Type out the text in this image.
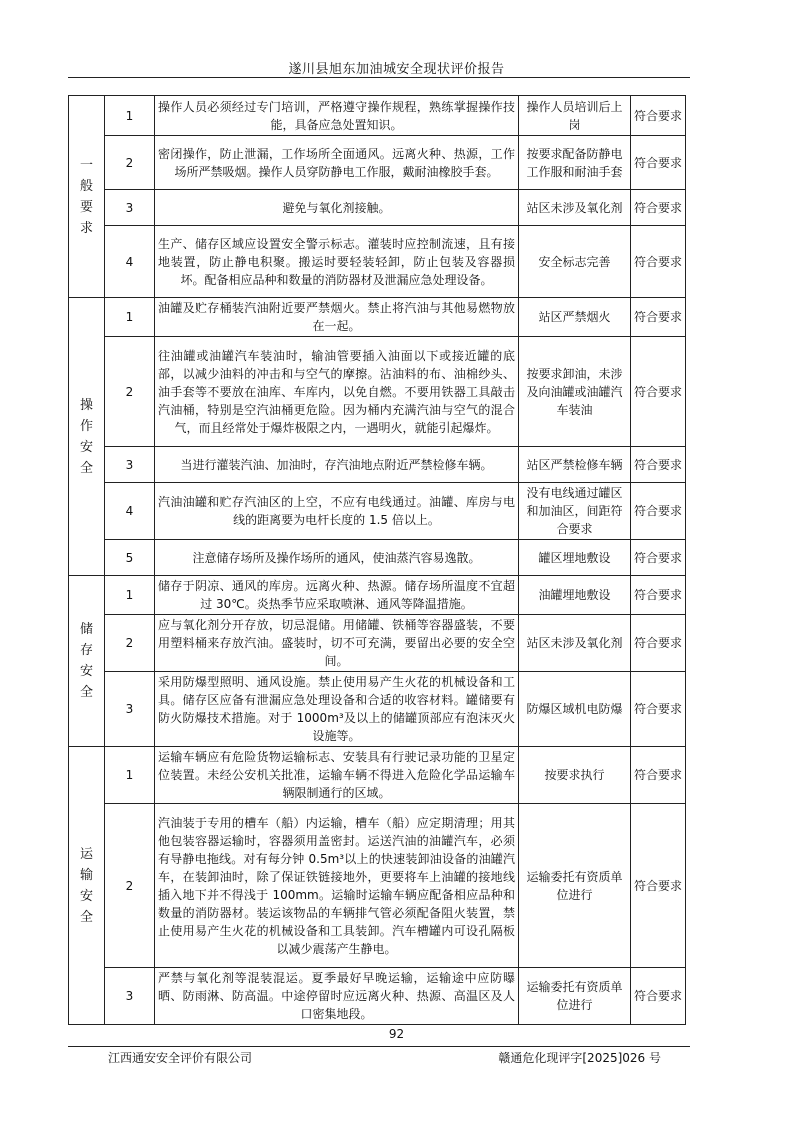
遂川县旭东加油城安全现状评价报告
一
般
要
求	1	操作人员必须经过专门培训，严格遵守操作规程，熟练掌握操作技能，具备应急处置知识。	操作人员培训后上岗	符合要求
	2	密闭操作，防止泄漏，工作场所全面通风。远离火种、热源，工作场所严禁吸烟。操作人员穿防静电工作服，戴耐油橡胶手套。	按要求配备防静电工作服和耐油手套	符合要求
	3	避免与氧化剂接触。	站区未涉及氧化剂	符合要求
	4	生产、储存区域应设置安全警示标志。灌装时应控制流速，且有接地装置，防止静电积聚。搬运时要轻装轻卸，防止包装及容器损坏。配备相应品种和数量的消防器材及泄漏应急处理设备。	安全标志完善	符合要求
操
作
安
全	1	油罐及贮存桶装汽油附近要严禁烟火。禁止将汽油与其他易燃物放在一起。	站区严禁烟火	符合要求
	2	往油罐或油罐汽车装油时，输油管要插入油面以下或接近罐的底部，以减少油料的冲击和与空气的摩擦。沾油料的布、油棉纱头、油手套等不要放在油库、车库内，以免自燃。不要用铁器工具敲击汽油桶，特别是空汽油桶更危险。因为桶内充满汽油与空气的混合气，而且经常处于爆炸极限之内，一遇明火，就能引起爆炸。	按要求卸油，未涉及向油罐或油罐汽车装油	符合要求
	3	当进行灌装汽油、加油时，存汽油地点附近严禁检修车辆。	站区严禁检修车辆	符合要求
	4	汽油油罐和贮存汽油区的上空，不应有电线通过。油罐、库房与电线的距离要为电杆长度的 1.5 倍以上。	没有电线通过罐区和加油区，间距符合要求	符合要求
	5	注意储存场所及操作场所的通风，使油蒸汽容易逸散。	罐区埋地敷设	符合要求
储
存
安
全	1	储存于阴凉、通风的库房。远离火种、热源。储存场所温度不宜超过 30℃。炎热季节应采取喷淋、通风等降温措施。	油罐埋地敷设	符合要求
	2	应与氧化剂分开存放，切忌混储。用储罐、铁桶等容器盛装，不要用塑料桶来存放汽油。盛装时，切不可充满，要留出必要的安全空间。	站区未涉及氧化剂	符合要求
	3	采用防爆型照明、通风设施。禁止使用易产生火花的机械设备和工具。储存区应备有泄漏应急处理设备和合适的收容材料。罐储要有防火防爆技术措施。对于 1000m³及以上的储罐顶部应有泡沫灭火设施等。	防爆区域机电防爆	符合要求
运
输
安
全	1	运输车辆应有危险货物运输标志、安装具有行驶记录功能的卫星定位装置。未经公安机关批准，运输车辆不得进入危险化学品运输车辆限制通行的区域。	按要求执行	符合要求
	2	汽油装于专用的槽车（船）内运输，槽车（船）应定期清理；用其他包装容器运输时，容器须用盖密封。运送汽油的油罐汽车，必须有导静电拖线。对有每分钟 0.5m³以上的快速装卸油设备的油罐汽车，在装卸油时，除了保证铁链接地外，更要将车上油罐的接地线插入地下并不得浅于 100mm。运输时运输车辆应配备相应品种和数量的消防器材。装运该物品的车辆排气管必须配备阻火装置，禁止使用易产生火花的机械设备和工具装卸。汽车槽罐内可设孔隔板以减少震荡产生静电。	运输委托有资质单位进行	符合要求
	3	严禁与氧化剂等混装混运。夏季最好早晚运输，运输途中应防曝晒、防雨淋、防高温。中途停留时应远离火种、热源、高温区及人口密集地段。	运输委托有资质单位进行	符合要求
92
江西通安安全评价有限公司	赣通危化现评字[2025]026 号
